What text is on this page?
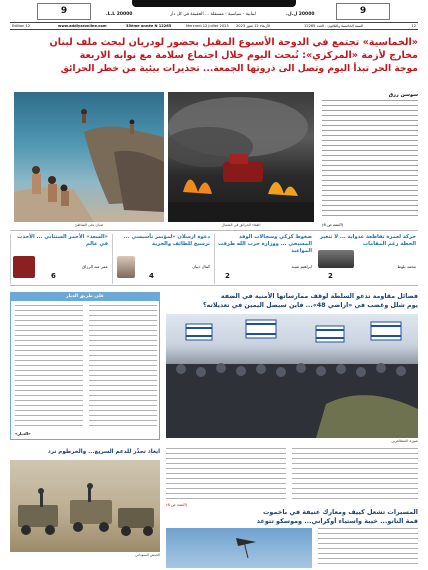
9	9
20000 L.L.	لبنانية - سياسية - مستقلة ... الحقيقة في كل دار	20000 ل.ل.
Edition 12	www.addiyaronline.com	35ème année N 12265	Mercredi 12 Juillet 2023 الأربعاء 12 تموز 2023	السنة الخامسة والثلاثون - العدد 12265	12
«الخماسية» تجتمع في الدوحة الأسبوع المقبل بحضور لودريان لبحث ملف لبنان
مخارج لأزمة «المركزي»: تُبحث اليوم خلال اجتماع سلامة مع نوابه الاربعة
موجة الحر تبدأ اليوم وتصل الى ذروتها الجمعة... تحذيرات بيئية من خطر الحرائق
شبان على الشاطئ	اطفاء الحرائق في الشمال
سوسن رزق
(التتمة ص 6)
«السعد» الأحمر السنتاني ... الأحدث في عالم
عمر عبد الرزاق
6
دعوة ارسلان «لمؤتمر تأسيسي ... ترسيخ للطائف والحرية
كمال ذبيان
4
ضغوط كركي وسجالات الوفد المسيحي ... ووزارة حزب الله طرقت المواعيد
ابراهيم شيبد
2
حركة لعمرة تقاطعة عدواية ... لا تتغير الخطة رغم المقامات
محمد بلوط
2
على طريق الديار
«الديار»
فصائل مقاومة تدعو السلطة لوقف ممارساتها الأمنية في الضفة
يوم شلل وغضب في «اراضي 48»... فاين سيصل اليمين في تعديلاته؟
صورة المتظاهرين
ايغاد تحذّر للدعم السريع... والخرطوم ترد
الجيش السوداني
(التتمة ص 6)
المسيرات تشعل كييف ومعارك عنيفة في باخموت
قمة الناتو... خيبة واستياء أوكراني... وموسكو تتوعد
